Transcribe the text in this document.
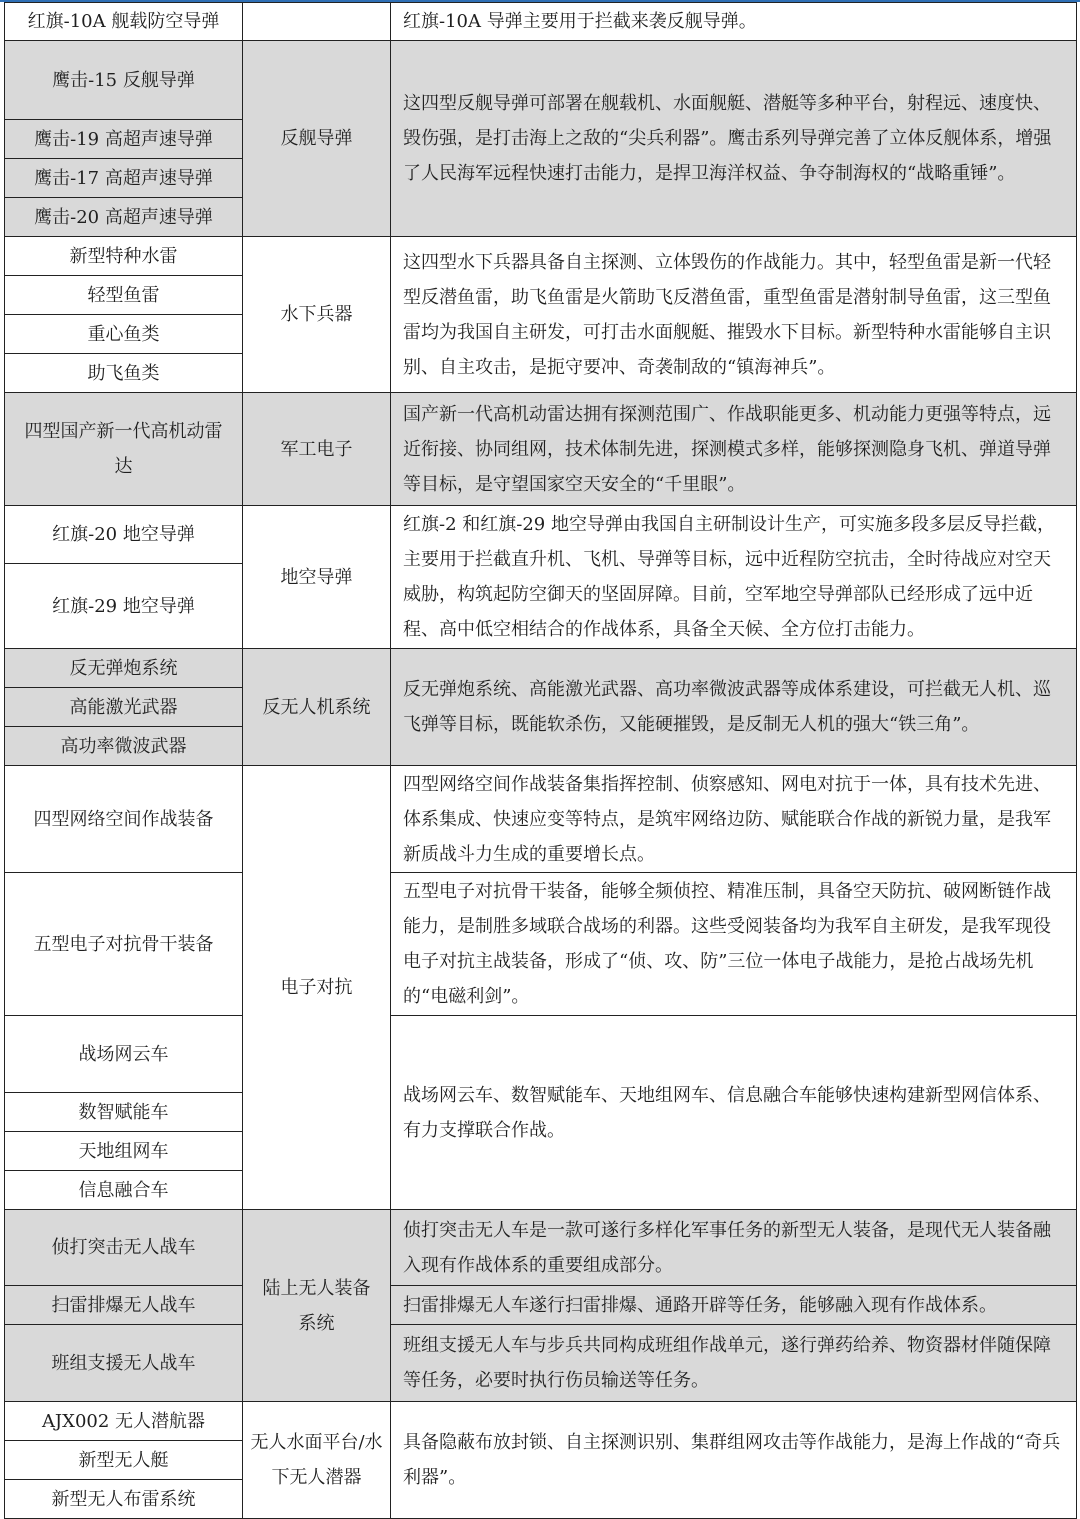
红旗-10A 舰载防空导弹		红旗-10A 导弹主要用于拦截来袭反舰导弹。
鹰击-15 反舰导弹	反舰导弹	这四型反舰导弹可部署在舰载机、水面舰艇、潜艇等多种平台，射程远、速度快、毁伤强，是打击海上之敌的“尖兵利器”。鹰击系列导弹完善了立体反舰体系，增强了人民海军远程快速打击能力，是捍卫海洋权益、争夺制海权的“战略重锤”。
鹰击-19 高超声速导弹		
鹰击-17 高超声速导弹		
鹰击-20 高超声速导弹		
新型特种水雷	水下兵器	这四型水下兵器具备自主探测、立体毁伤的作战能力。其中，轻型鱼雷是新一代轻型反潜鱼雷，助飞鱼雷是火箭助飞反潜鱼雷，重型鱼雷是潜射制导鱼雷，这三型鱼雷均为我国自主研发，可打击水面舰艇、摧毁水下目标。新型特种水雷能够自主识别、自主攻击，是扼守要冲、奇袭制敌的“镇海神兵”。
轻型鱼雷		
重心鱼类		
助飞鱼类		
四型国产新一代高机动雷达	军工电子	国产新一代高机动雷达拥有探测范围广、作战职能更多、机动能力更强等特点，远近衔接、协同组网，技术体制先进，探测模式多样，能够探测隐身飞机、弹道导弹等目标，是守望国家空天安全的“千里眼”。
红旗-20 地空导弹	地空导弹	红旗-2 和红旗-29 地空导弹由我国自主研制设计生产，可实施多段多层反导拦截，主要用于拦截直升机、飞机、导弹等目标，远中近程防空抗击，全时待战应对空天威胁，构筑起防空御天的坚固屏障。目前，空军地空导弹部队已经形成了远中近程、高中低空相结合的作战体系，具备全天候、全方位打击能力。
红旗-29 地空导弹		
反无弹炮系统	反无人机系统	反无弹炮系统、高能激光武器、高功率微波武器等成体系建设，可拦截无人机、巡飞弹等目标，既能软杀伤，又能硬摧毁，是反制无人机的强大“铁三角”。
高能激光武器		
高功率微波武器		
四型网络空间作战装备	电子对抗	四型网络空间作战装备集指挥控制、侦察感知、网电对抗于一体，具有技术先进、体系集成、快速应变等特点，是筑牢网络边防、赋能联合作战的新锐力量，是我军新质战斗力生成的重要增长点。
五型电子对抗骨干装备		五型电子对抗骨干装备，能够全频侦控、精准压制，具备空天防抗、破网断链作战能力，是制胜多域联合战场的利器。这些受阅装备均为我军自主研发，是我军现役电子对抗主战装备，形成了“侦、攻、防”三位一体电子战能力，是抢占战场先机的“电磁利剑”。
战场网云车		战场网云车、数智赋能车、天地组网车、信息融合车能够快速构建新型网信体系、有力支撑联合作战。
数智赋能车		
天地组网车		
信息融合车		
侦打突击无人战车	陆上无人装备系统	侦打突击无人车是一款可遂行多样化军事任务的新型无人装备，是现代无人装备融入现有作战体系的重要组成部分。
扫雷排爆无人战车		扫雷排爆无人车遂行扫雷排爆、通路开辟等任务，能够融入现有作战体系。
班组支援无人战车		班组支援无人车与步兵共同构成班组作战单元，遂行弹药给养、物资器材伴随保障等任务，必要时执行伤员输送等任务。
AJX002 无人潜航器	无人水面平台/水下无人潜器	具备隐蔽布放封锁、自主探测识别、集群组网攻击等作战能力，是海上作战的“奇兵利器”。
新型无人艇		
新型无人布雷系统		
